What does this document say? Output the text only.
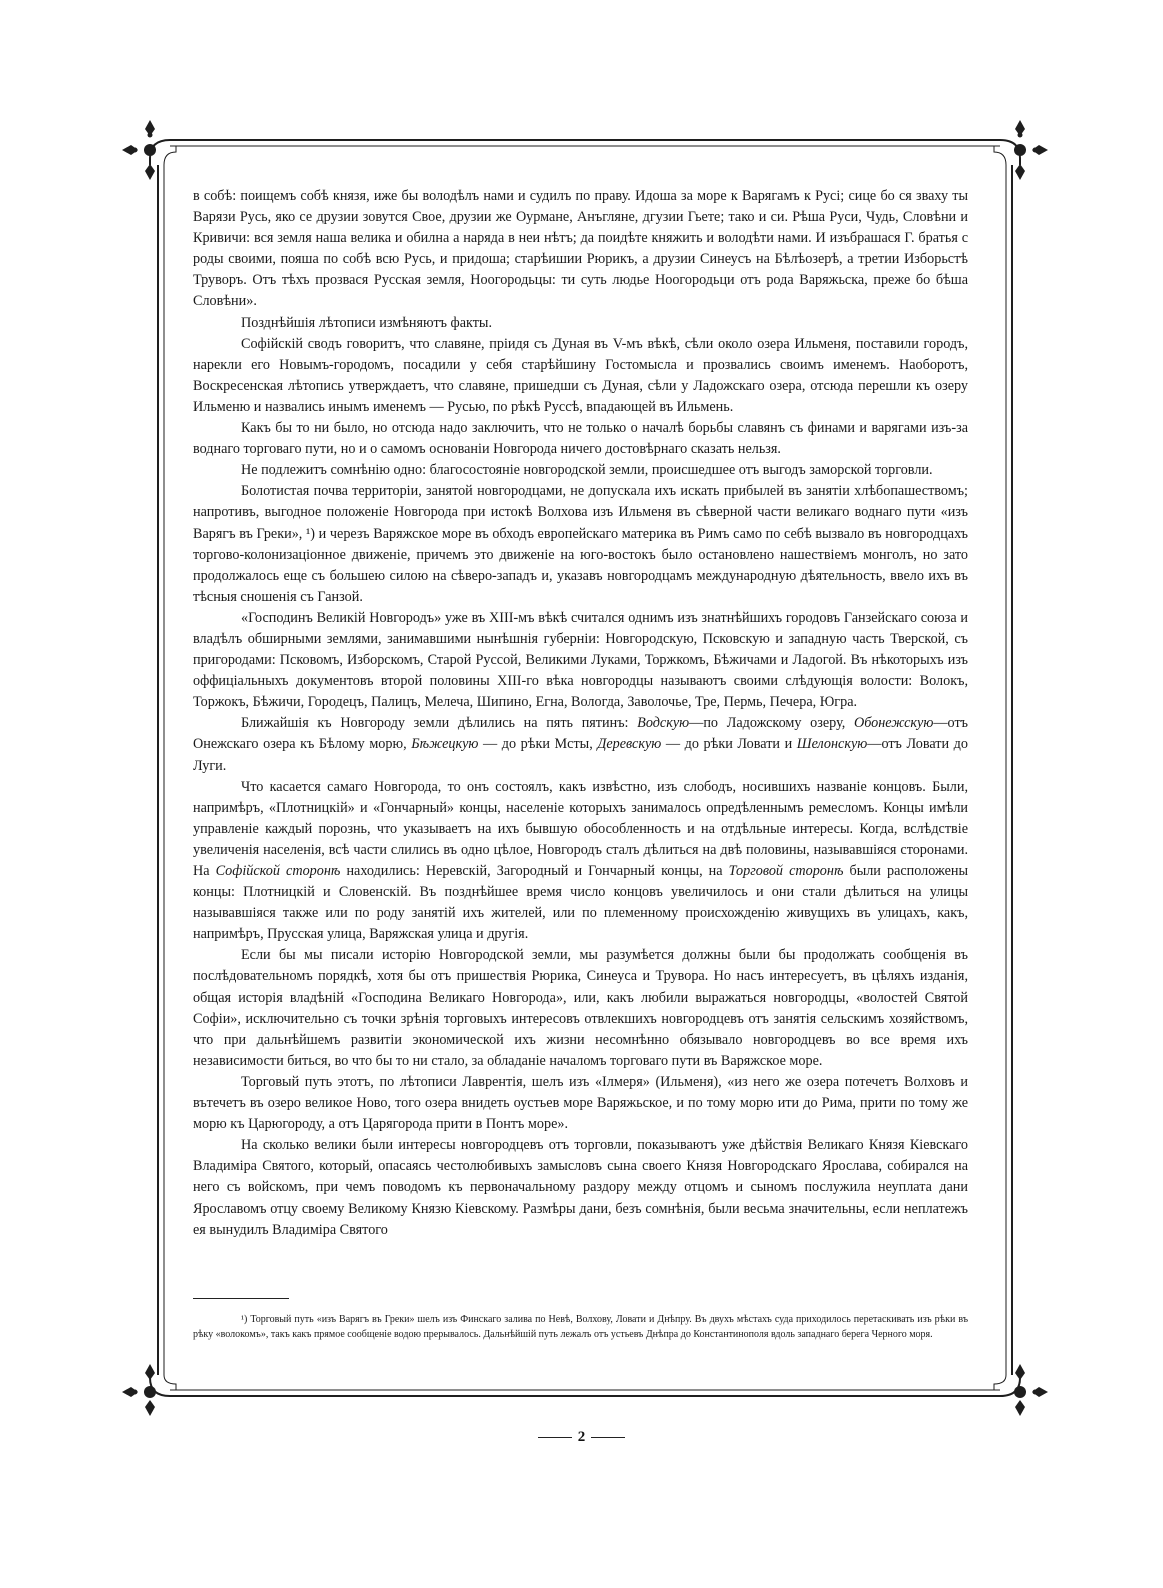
в собѣ: поищемъ собѣ князя, иже бы володѣлъ нами и судилъ по праву. Идоша за море к Варягамъ к Русі; сице бо ся зваху ты Варязи Русь, яко се друзии зовутся Свое, друзии же Оурмане, Анъгляне, дгузии Гьете; тако и си. Рѣша Руси, Чудь, Словѣни и Кривичи: вся земля наша велика и обилна а наряда в неи нѣтъ; да поидѣте княжить и володѣти нами. И изъбрашася Г. братья с роды своими, пояша по собѣ всю Русь, и придоша; старѣишии Рюрикъ, а друзии Синеусъ на Бѣлѣозерѣ, а третии Изборьстѣ Труворъ. Отъ тѣхъ прозвася Русская земля, Ноогородьцы: ти суть людье Ноогородьци отъ рода Варяжьска, преже бо бѣша Словѣни».

Позднѣйшія лѣтописи измѣняютъ факты.

Софійскій сводъ говоритъ, что славяне, пріидя съ Дуная въ V-мъ вѣкѣ, сѣли около озера Ильменя, поставили городъ, нарекли его Новымъ-городомъ, посадили у себя старѣйшину Гостомысла и прозвались своимъ именемъ. Наоборотъ, Воскресенская лѣтопись утверждаетъ, что славяне, пришедши съ Дуная, сѣли у Ладожскаго озера, отсюда перешли къ озеру Ильменю и назвались инымъ именемъ — Русью, по рѣкѣ Руссѣ, впадающей въ Ильмень.

Какъ бы то ни было, но отсюда надо заключить, что не только о началѣ борьбы славянъ съ финами и варягами изъ-за воднаго торговаго пути, но и о самомъ основаніи Новгорода ничего достовѣрнаго сказать нельзя.

Не подлежитъ сомнѣнію одно: благосостояніе новгородской земли, происшедшее отъ выгодъ заморской торговли.

Болотистая почва территоріи, занятой новгородцами, не допускала ихъ искать прибылей въ занятіи хлѣбопашествомъ; напротивъ, выгодное положеніе Новгорода при истокѣ Волхова изъ Ильменя въ сѣверной части великаго воднаго пути «изъ Варягъ въ Греки», ¹) и черезъ Варяжское море въ обходъ европейскаго материка въ Римъ само по себѣ вызвало въ новгородцахъ торгово-колонизаціонное движеніе, причемъ это движеніе на юго-востокъ было остановлено нашествіемъ монголъ, но зато продолжалось еще съ большею силою на сѣверо-западъ и, указавъ новгородцамъ международную дѣятельность, ввело ихъ въ тѣсныя сношенія съ Ганзой.

«Господинъ Великій Новгородъ» уже въ XIII-мъ вѣкѣ считался однимъ изъ знатнѣйшихъ городовъ Ганзейскаго союза и владѣлъ обширными землями, занимавшими нынѣшнія губерніи: Новгородскую, Псковскую и западную часть Тверской, съ пригородами: Псковомъ, Изборскомъ, Старой Руссой, Великими Луками, Торжкомъ, Бѣжичами и Ладогой. Въ нѣкоторыхъ изъ оффиціальныхъ документовъ второй половины XIII-го вѣка новгородцы называютъ своими слѣдующія волости: Волокъ, Торжокъ, Бѣжичи, Городецъ, Палицъ, Мелеча, Шипино, Егна, Вологда, Заволочье, Тре, Пермь, Печера, Югра.

Ближайшія къ Новгороду земли дѣлились на пять пятинъ: Водскую—по Ладожскому озеру, Обонежскую—отъ Онежскаго озера къ Бѣлому морю, Бѣжецкую — до рѣки Мсты, Деревскую — до рѣки Ловати и Шелонскую—отъ Ловати до Луги.

Что касается самаго Новгорода, то онъ состоялъ, какъ извѣстно, изъ слободъ, носившихъ названіе концовъ. Были, напримѣръ, «Плотницкій» и «Гончарный» концы, населеніе которыхъ занималось опредѣленнымъ ремесломъ. Концы имѣли управленіе каждый порознь, что указываетъ на ихъ бывшую обособленность и на отдѣльные интересы. Когда, вслѣдствіе увеличенія населенія, всѣ части слились въ одно цѣлое, Новгородъ сталъ дѣлиться на двѣ половины, называвшіяся сторонами. На Софійской сторонѣ находились: Неревскій, Загородный и Гончарный концы, на Торговой сторонѣ были расположены концы: Плотницкій и Словенскій. Въ позднѣйшее время число концовъ увеличилось и они стали дѣлиться на улицы называвшіяся также или по роду занятій ихъ жителей, или по племенному происхожденію живущихъ въ улицахъ, какъ, напримѣръ, Прусская улица, Варяжская улица и другія.

Если бы мы писали исторію Новгородской земли, мы разумѣется должны были бы продолжать сообщенія въ послѣдовательномъ порядкѣ, хотя бы отъ пришествія Рюрика, Синеуса и Трувора. Но насъ интересуетъ, въ цѣляхъ изданія, общая исторія владѣній «Господина Великаго Новгорода», или, какъ любили выражаться новгородцы, «волостей Святой Софіи», исключительно съ точки зрѣнія торговыхъ интересовъ отвлекшихъ новгородцевъ отъ занятія сельскимъ хозяйствомъ, что при дальнѣйшемъ развитіи экономической ихъ жизни несомнѣнно обязывало новгородцевъ во все время ихъ независимости биться, во что бы то ни стало, за обладаніе началомъ торговаго пути въ Варяжское море.

Торговый путь этотъ, по лѣтописи Лаврентія, шелъ изъ «Ілмеря» (Ильменя), «из него же озера потечетъ Волховъ и вътечетъ въ озеро великое Ново, того озера внидеть оустьев море Варяжьское, и по тому морю ити до Рима, прити по тому же морю къ Царюгороду, а отъ Царягорода прити в Понтъ море».

На сколько велики были интересы новгородцевъ отъ торговли, показываютъ уже дѣйствія Великаго Князя Кіевскаго Владиміра Святого, который, опасаясь честолюбивыхъ замысловъ сына своего Князя Новгородскаго Ярослава, собирался на него съ войскомъ, при чемъ поводомъ къ первоначальному раздору между отцомъ и сыномъ послужила неуплата дани Ярославомъ отцу своему Великому Князю Кіевскому. Размѣры дани, безъ сомнѣнія, были весьма значительны, если неплатежъ ея вынудилъ Владиміра Святого

¹) Торговый путь «изъ Варягъ въ Греки» шелъ изъ Финскаго залива по Невѣ, Волхову, Ловати и Днѣпру. Въ двухъ мѣстахъ суда приходилось перетаскивать изъ рѣки въ рѣку «волокомъ», такъ какъ прямое сообщеніе водою прерывалось. Дальнѣйшій путь лежалъ отъ устьевъ Днѣпра до Константинополя вдоль западнаго берега Черного моря.

2
